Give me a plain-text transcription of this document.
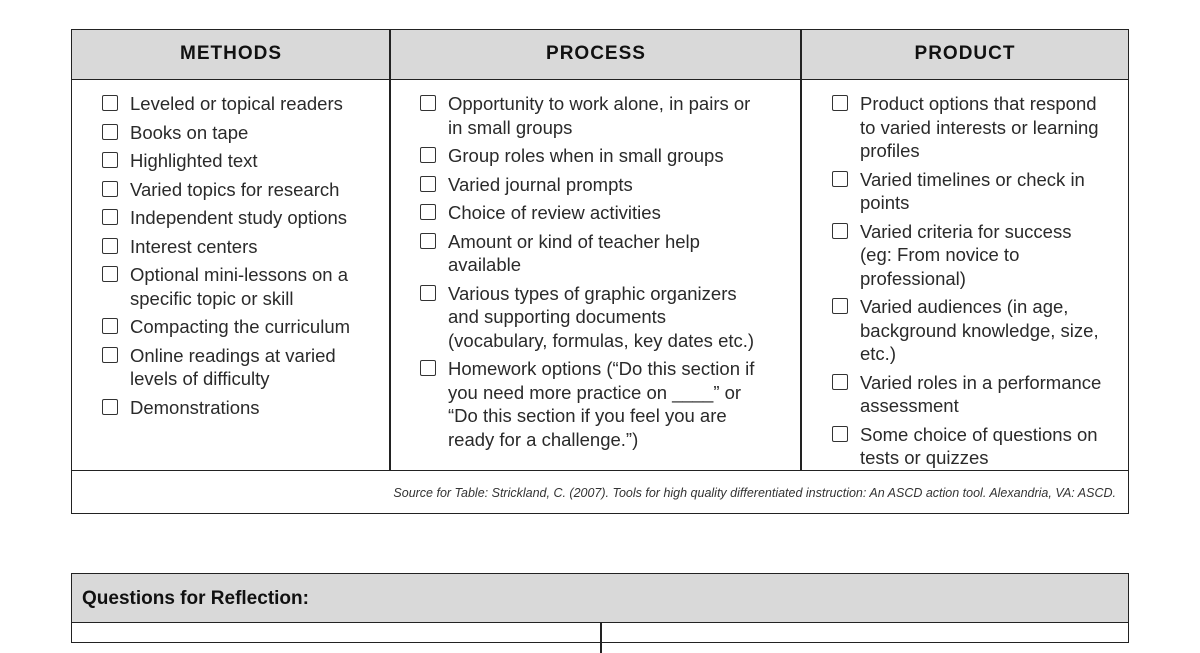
METHODS	PROCESS	PRODUCT
Leveled or topical readers
Books on tape
Highlighted text
Varied topics for research
Independent study options
Interest centers
Optional mini-lessons on a
specific topic or skill
Compacting the curriculum
Online readings at varied
levels of difficulty
Demonstrations
Opportunity to work alone, in pairs or
in small groups
Group roles when in small groups
Varied journal prompts
Choice of review activities
Amount or kind of teacher help
available
Various types of graphic organizers
and supporting documents
(vocabulary, formulas, key dates etc.)
Homework options (“Do this section if
you need more practice on ____” or
“Do this section if you feel you are
ready for a challenge.”)
Product options that respond
to varied interests or learning
profiles
Varied timelines or check in
points
Varied criteria for success
(eg: From novice to
professional)
Varied audiences (in age,
background knowledge, size,
etc.)
Varied roles in a performance
assessment
Some choice of questions on
tests or quizzes
Source for Table: Strickland, C. (2007). Tools for high quality differentiated instruction: An ASCD action tool. Alexandria, VA: ASCD.
Questions for Reflection:
